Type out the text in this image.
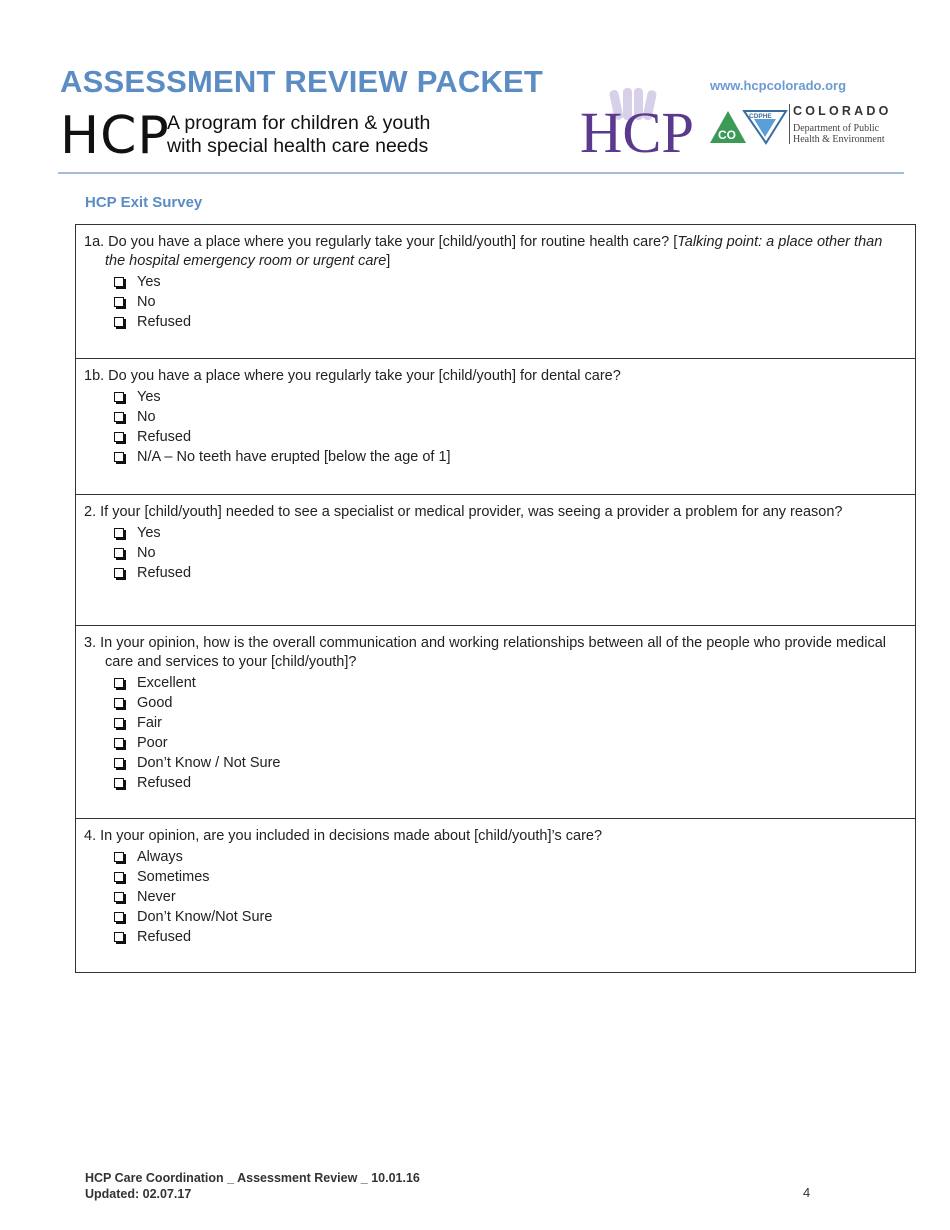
ASSESSMENT REVIEW PACKET
HCP
A program for children & youth
with special health care needs
www.hcpcolorado.org
HCP CO
CDPHE COLORADO
Department of Public
Health & Environment
HCP Exit Survey

1a. Do you have a place where you regularly take your [child/youth] for routine health care? [Talking point: a place other than the hospital emergency room or urgent care]

Yes
No
Refused

1b. Do you have a place where you regularly take your [child/youth] for dental care?

Yes
No
Refused
N/A – No teeth have erupted [below the age of 1]

2. If your [child/youth] needed to see a specialist or medical provider, was seeing a provider a problem for any reason?

Yes
No
Refused

3. In your opinion, how is the overall communication and working relationships between all of the people who provide medical care and services to your [child/youth]?

Excellent
Good
Fair
Poor
Don’t Know / Not Sure
Refused

4. In your opinion, are you included in decisions made about [child/youth]’s care?

Always
Sometimes
Never
Don’t Know/Not Sure
Refused
HCP Care Coordination _ Assessment Review _ 10.01.16
Updated: 02.07.17	4
